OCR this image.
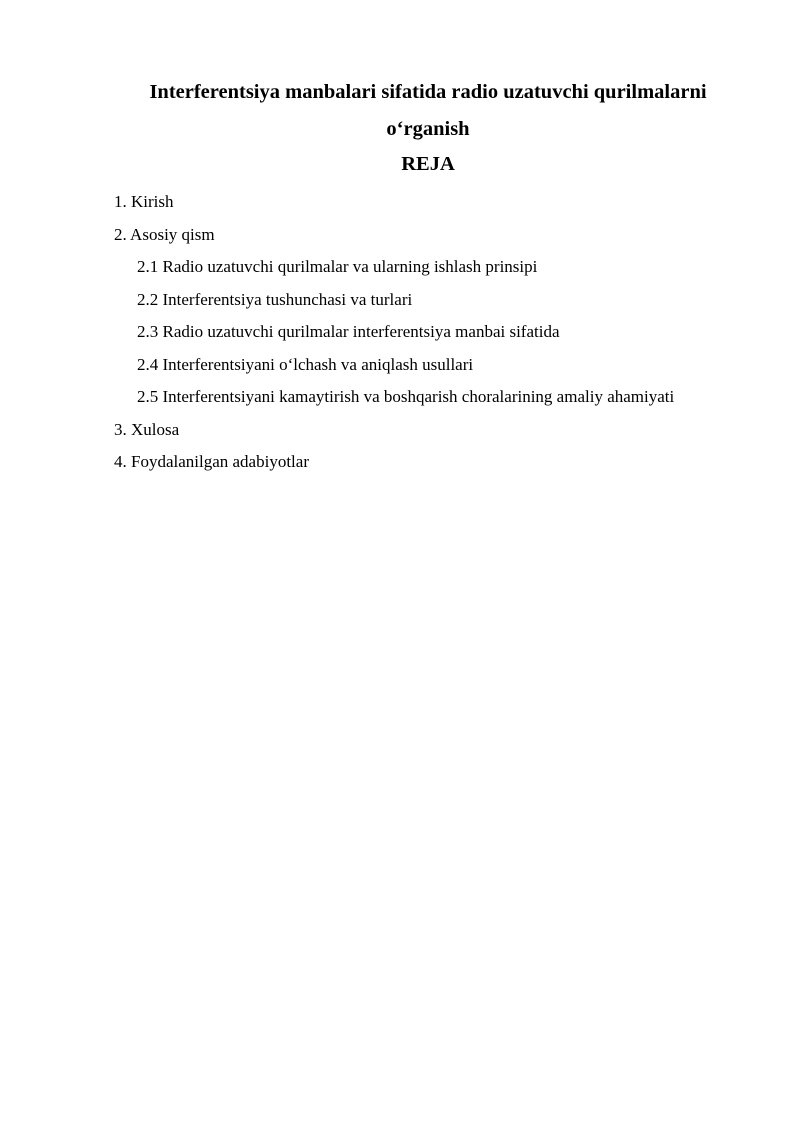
Interferentsiya manbalari sifatida radio uzatuvchi qurilmalarni
o‘rganish
REJA
1. Kirish
2. Asosiy qism
2.1 Radio uzatuvchi qurilmalar va ularning ishlash prinsipi
2.2 Interferentsiya tushunchasi va turlari
2.3 Radio uzatuvchi qurilmalar interferentsiya manbai sifatida
2.4 Interferentsiyani o‘lchash va aniqlash usullari
2.5 Interferentsiyani kamaytirish va boshqarish choralarining amaliy ahamiyati
3. Xulosa
4. Foydalanilgan adabiyotlar
